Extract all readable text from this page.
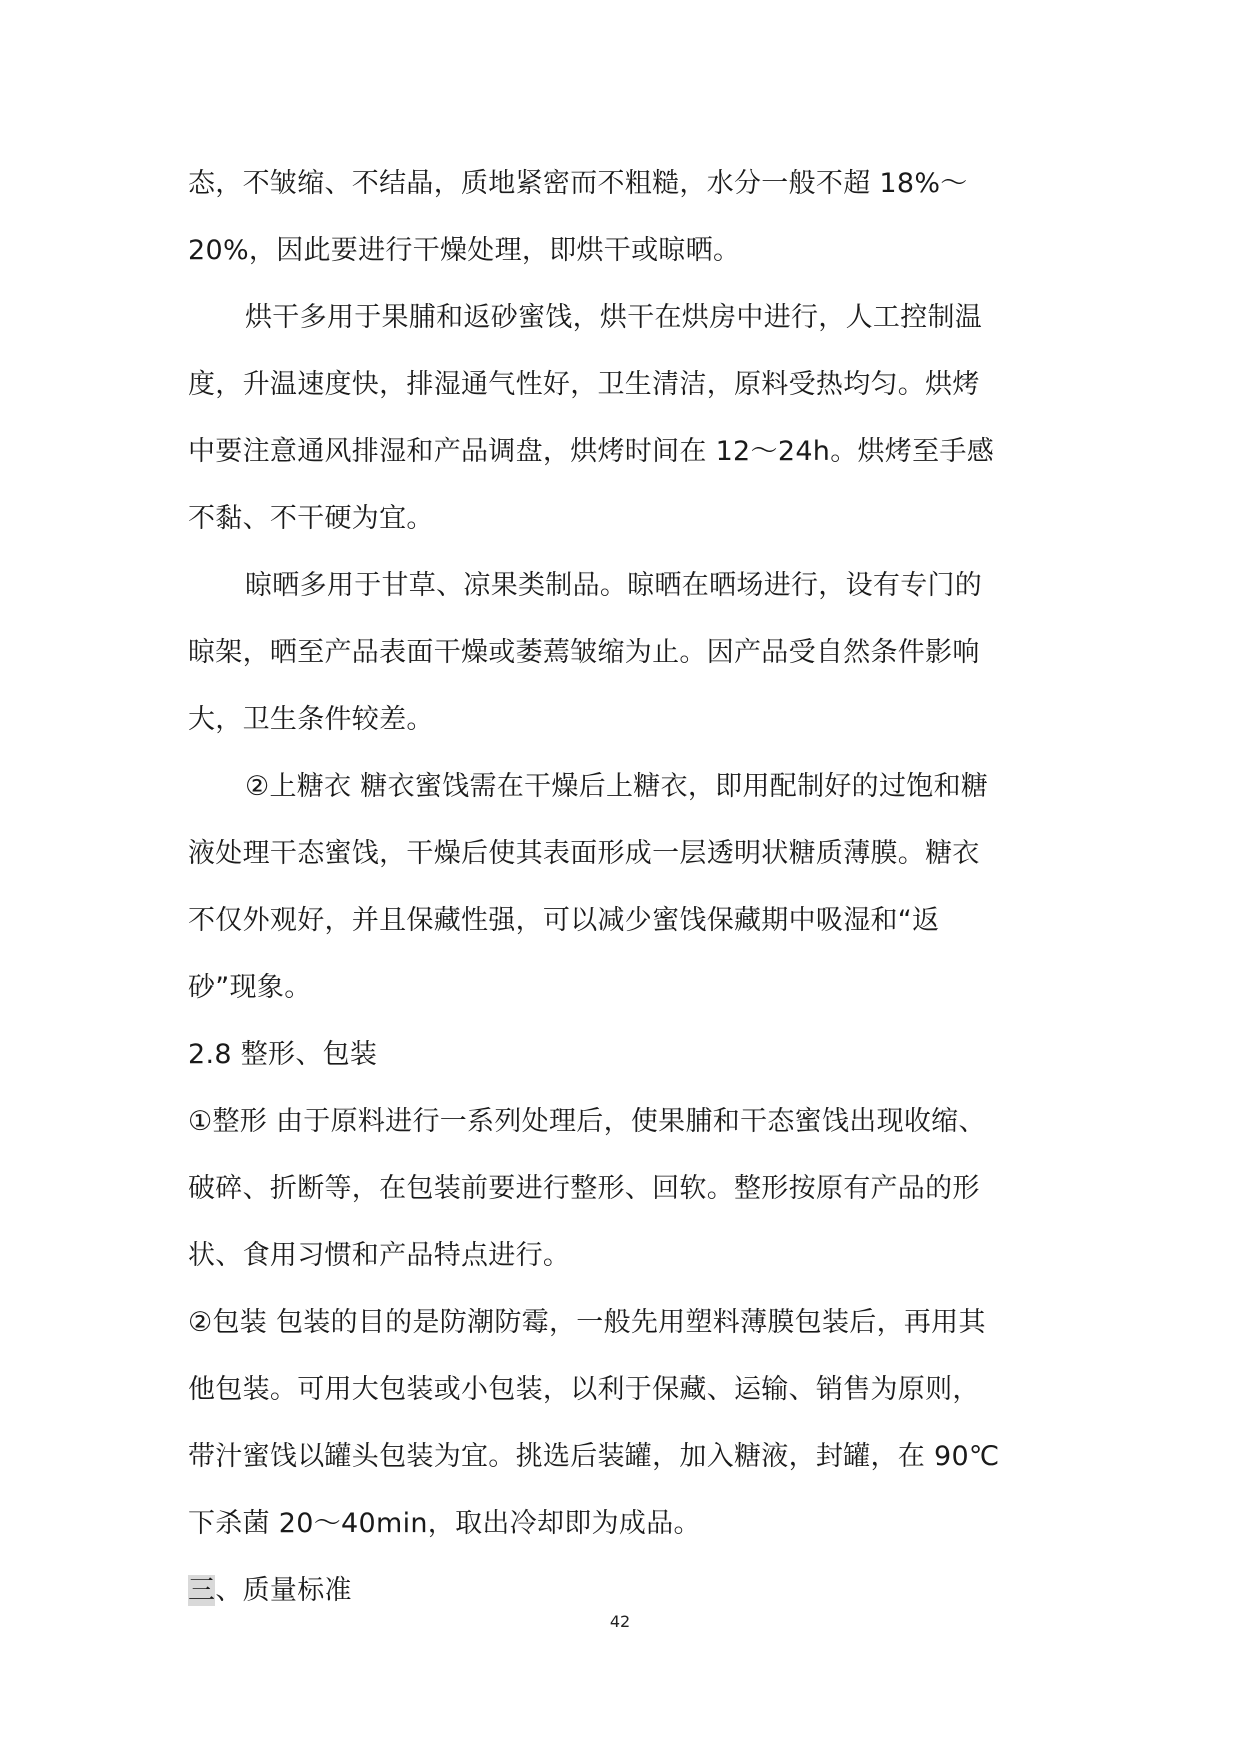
态，不皱缩、不结晶，质地紧密而不粗糙，水分一般不超 18%～
20%，因此要进行干燥处理，即烘干或晾晒。
烘干多用于果脯和返砂蜜饯，烘干在烘房中进行，人工控制温
度，升温速度快，排湿通气性好，卫生清洁，原料受热均匀。烘烤
中要注意通风排湿和产品调盘，烘烤时间在 12～24h。烘烤至手感
不黏、不干硬为宜。
晾晒多用于甘草、凉果类制品。晾晒在晒场进行，设有专门的
晾架，晒至产品表面干燥或萎蔫皱缩为止。因产品受自然条件影响
大，卫生条件较差。
②上糖衣 糖衣蜜饯需在干燥后上糖衣，即用配制好的过饱和糖
液处理干态蜜饯，干燥后使其表面形成一层透明状糖质薄膜。糖衣
不仅外观好，并且保藏性强，可以减少蜜饯保藏期中吸湿和“返
砂”现象。
2.8 整形、包装
①整形 由于原料进行一系列处理后，使果脯和干态蜜饯出现收缩、
破碎、折断等，在包装前要进行整形、回软。整形按原有产品的形
状、食用习惯和产品特点进行。
②包装 包装的目的是防潮防霉，一般先用塑料薄膜包装后，再用其
他包装。可用大包装或小包装，以利于保藏、运输、销售为原则，
带汁蜜饯以罐头包装为宜。挑选后装罐，加入糖液，封罐，在 90℃
下杀菌 20～40min，取出冷却即为成品。
三、质量标准
42
